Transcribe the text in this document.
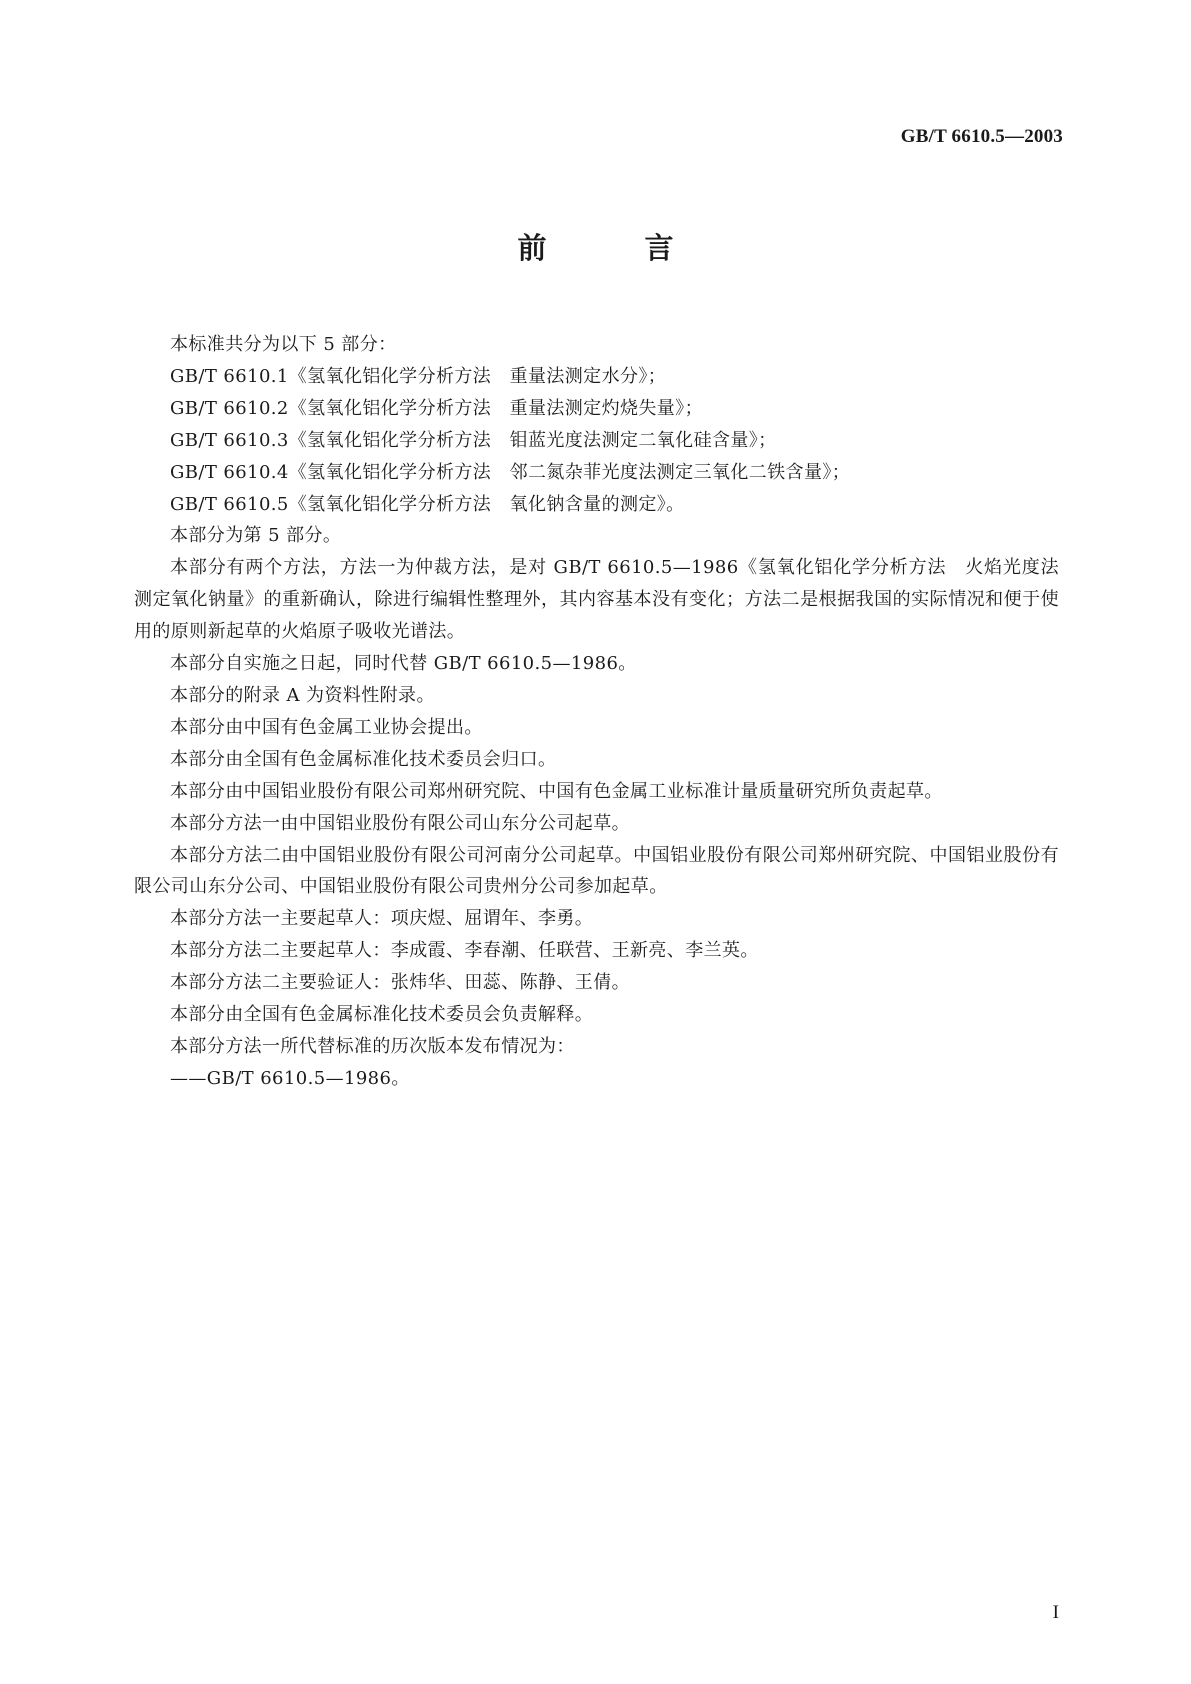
GB/T 6610.5—2003
前 言

本标准共分为以下 5 部分：

GB/T 6610.1《氢氧化铝化学分析方法　重量法测定水分》；

GB/T 6610.2《氢氧化铝化学分析方法　重量法测定灼烧失量》；

GB/T 6610.3《氢氧化铝化学分析方法　钼蓝光度法测定二氧化硅含量》；

GB/T 6610.4《氢氧化铝化学分析方法　邻二氮杂菲光度法测定三氧化二铁含量》；

GB/T 6610.5《氢氧化铝化学分析方法　氧化钠含量的测定》。

本部分为第 5 部分。

本部分有两个方法，方法一为仲裁方法，是对 GB/T 6610.5—1986《氢氧化铝化学分析方法　火焰光度法测定氧化钠量》的重新确认，除进行编辑性整理外，其内容基本没有变化；方法二是根据我国的实际情况和便于使用的原则新起草的火焰原子吸收光谱法。

本部分自实施之日起，同时代替 GB/T 6610.5—1986。

本部分的附录 A 为资料性附录。

本部分由中国有色金属工业协会提出。

本部分由全国有色金属标准化技术委员会归口。

本部分由中国铝业股份有限公司郑州研究院、中国有色金属工业标准计量质量研究所负责起草。

本部分方法一由中国铝业股份有限公司山东分公司起草。

本部分方法二由中国铝业股份有限公司河南分公司起草。中国铝业股份有限公司郑州研究院、中国铝业股份有限公司山东分公司、中国铝业股份有限公司贵州分公司参加起草。

本部分方法一主要起草人：项庆煜、屈谓年、李勇。

本部分方法二主要起草人：李成霞、李春潮、任联营、王新亮、李兰英。

本部分方法二主要验证人：张炜华、田蕊、陈静、王倩。

本部分由全国有色金属标准化技术委员会负责解释。

本部分方法一所代替标准的历次版本发布情况为：

——GB/T 6610.5—1986。

I
